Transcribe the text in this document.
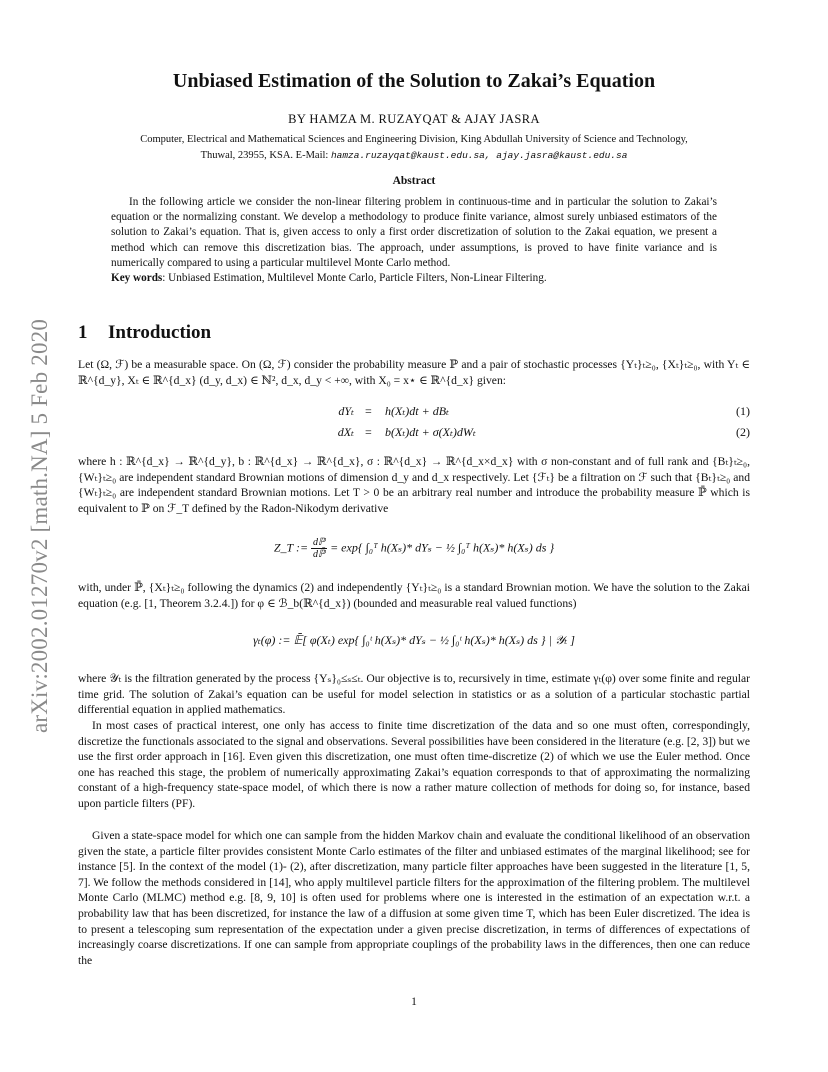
arXiv:2002.01270v2 [math.NA] 5 Feb 2020
Unbiased Estimation of the Solution to Zakai’s Equation
BY HAMZA M. RUZAYQAT & AJAY JASRA
Computer, Electrical and Mathematical Sciences and Engineering Division, King Abdullah University of Science and Technology,
Thuwal, 23955, KSA. E-Mail: hamza.ruzayqat@kaust.edu.sa, ajay.jasra@kaust.edu.sa
Abstract

In the following article we consider the non-linear filtering problem in continuous-time and in particular the solution to Zakai’s equation or the normalizing constant. We develop a methodology to produce finite variance, almost surely unbiased estimators of the solution to Zakai’s equation. That is, given access to only a first order discretization of solution to the Zakai equation, we present a method which can remove this discretization bias. The approach, under assumptions, is proved to have finite variance and is numerically compared to using a particular multilevel Monte Carlo method.

Key words: Unbiased Estimation, Multilevel Monte Carlo, Particle Filters, Non-Linear Filtering.
1 Introduction

Let (Ω, ℱ) be a measurable space. On (Ω, ℱ) consider the probability measure ℙ and a pair of stochastic processes {Yₜ}ₜ≥₀, {Xₜ}ₜ≥₀, with Yₜ ∈ ℝ^{d_y}, Xₜ ∈ ℝ^{d_x} (d_y, d_x) ∈ ℕ², d_x, d_y < +∞, with X₀ = x⋆ ∈ ℝ^{d_x} given:

dYₜ = h(Xₜ)dt + dBₜ	(1)
dXₜ = b(Xₜ)dt + σ(Xₜ)dWₜ	(2)

where h : ℝ^{d_x} → ℝ^{d_y}, b : ℝ^{d_x} → ℝ^{d_x}, σ : ℝ^{d_x} → ℝ^{d_x×d_x} with σ non-constant and of full rank and {Bₜ}ₜ≥₀, {Wₜ}ₜ≥₀ are independent standard Brownian motions of dimension d_y and d_x respectively. Let {ℱₜ} be a filtration on ℱ such that {Bₜ}ₜ≥₀ and {Wₜ}ₜ≥₀ are independent standard Brownian motions. Let T > 0 be an arbitrary real number and introduce the probability measure ℙ̄ which is equivalent to ℙ on ℱ_T defined by the Radon-Nikodym derivative

Z_T := $\frac{\text{dℙ}}{\text{dℙ̄}} = \exp${ ∫₀ᵀ h(Xₛ)* dYₛ − ½ ∫₀ᵀ h(Xₛ)* h(Xₛ) ds }

with, under ℙ̄, {Xₜ}ₜ≥₀ following the dynamics (2) and independently {Yₜ}ₜ≥₀ is a standard Brownian motion. We have the solution to the Zakai equation (e.g. [1, Theorem 3.2.4.]) for φ ∈ ℬ_b(ℝ^{d_x}) (bounded and measurable real valued functions)

γₜ(φ) := 𝔼̄[ φ(Xₜ) exp{ ∫₀ᵗ h(Xₛ)* dYₛ − ½ ∫₀ᵗ h(Xₛ)* h(Xₛ) ds } | 𝒴ₜ ]

where 𝒴ₜ is the filtration generated by the process {Yₛ}₀≤ₛ≤ₜ. Our objective is to, recursively in time, estimate γₜ(φ) over some finite and regular time grid. The solution of Zakai’s equation can be useful for model selection in statistics or as a solution of a particular stochastic partial differential equation in applied mathematics.

In most cases of practical interest, one only has access to finite time discretization of the data and so one must often, correspondingly, discretize the functionals associated to the signal and observations. Several possibilities have been considered in the literature (e.g. [2, 3]) but we use the first order approach in [16]. Even given this discretization, one must often time-discretize (2) of which we use the Euler method. Once one has reached this stage, the problem of numerically approximating Zakai’s equation corresponds to that of approximating the normalizing constant of a high-frequency state-space model, of which there is now a rather mature collection of methods for doing so, for instance, based upon particle filters (PF).

Given a state-space model for which one can sample from the hidden Markov chain and evaluate the conditional likelihood of an observation given the state, a particle filter provides consistent Monte Carlo estimates of the filter and unbiased estimates of the marginal likelihood; see for instance [5]. In the context of the model (1)- (2), after discretization, many particle filter approaches have been suggested in the literature [1, 5, 7]. We follow the methods considered in [14], who apply multilevel particle filters for the approximation of the filtering problem. The multilevel Monte Carlo (MLMC) method e.g. [8, 9, 10] is often used for problems where one is interested in the estimation of an expectation w.r.t. a probability law that has been discretized, for instance the law of a diffusion at some given time T, which has been Euler discretized. The idea is to present a telescoping sum representation of the expectation under a given precise discretization, in terms of differences of expectations of increasingly coarse discretizations. If one can sample from appropriate couplings of the probability laws in the differences, then one can reduce the

1
